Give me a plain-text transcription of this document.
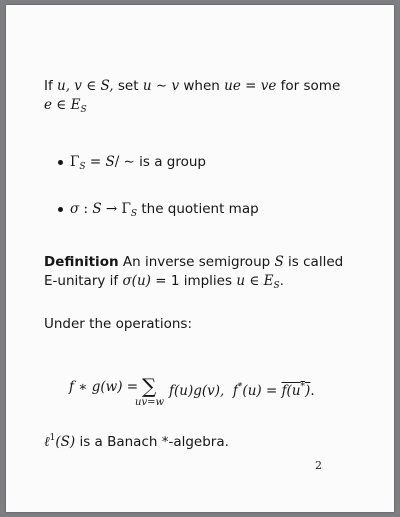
If u, v ∈ S, set u ∼ v when ue = ve for some
e ∈ $E_S$
$\Gamma_S = S/$ ∼ is a group
σ : $S \to \Gamma_S$ the quotient map
Definition An inverse semigroup S is called
E-unitary if σ(u) = 1 implies u ∈ $E_S$.
Under the operations:
f ∗ g(w) = ∑
uv=w
f(u)g(v), f*(u) = f(u*).
ℓ$^1$(S) is a Banach *-algebra.
2
